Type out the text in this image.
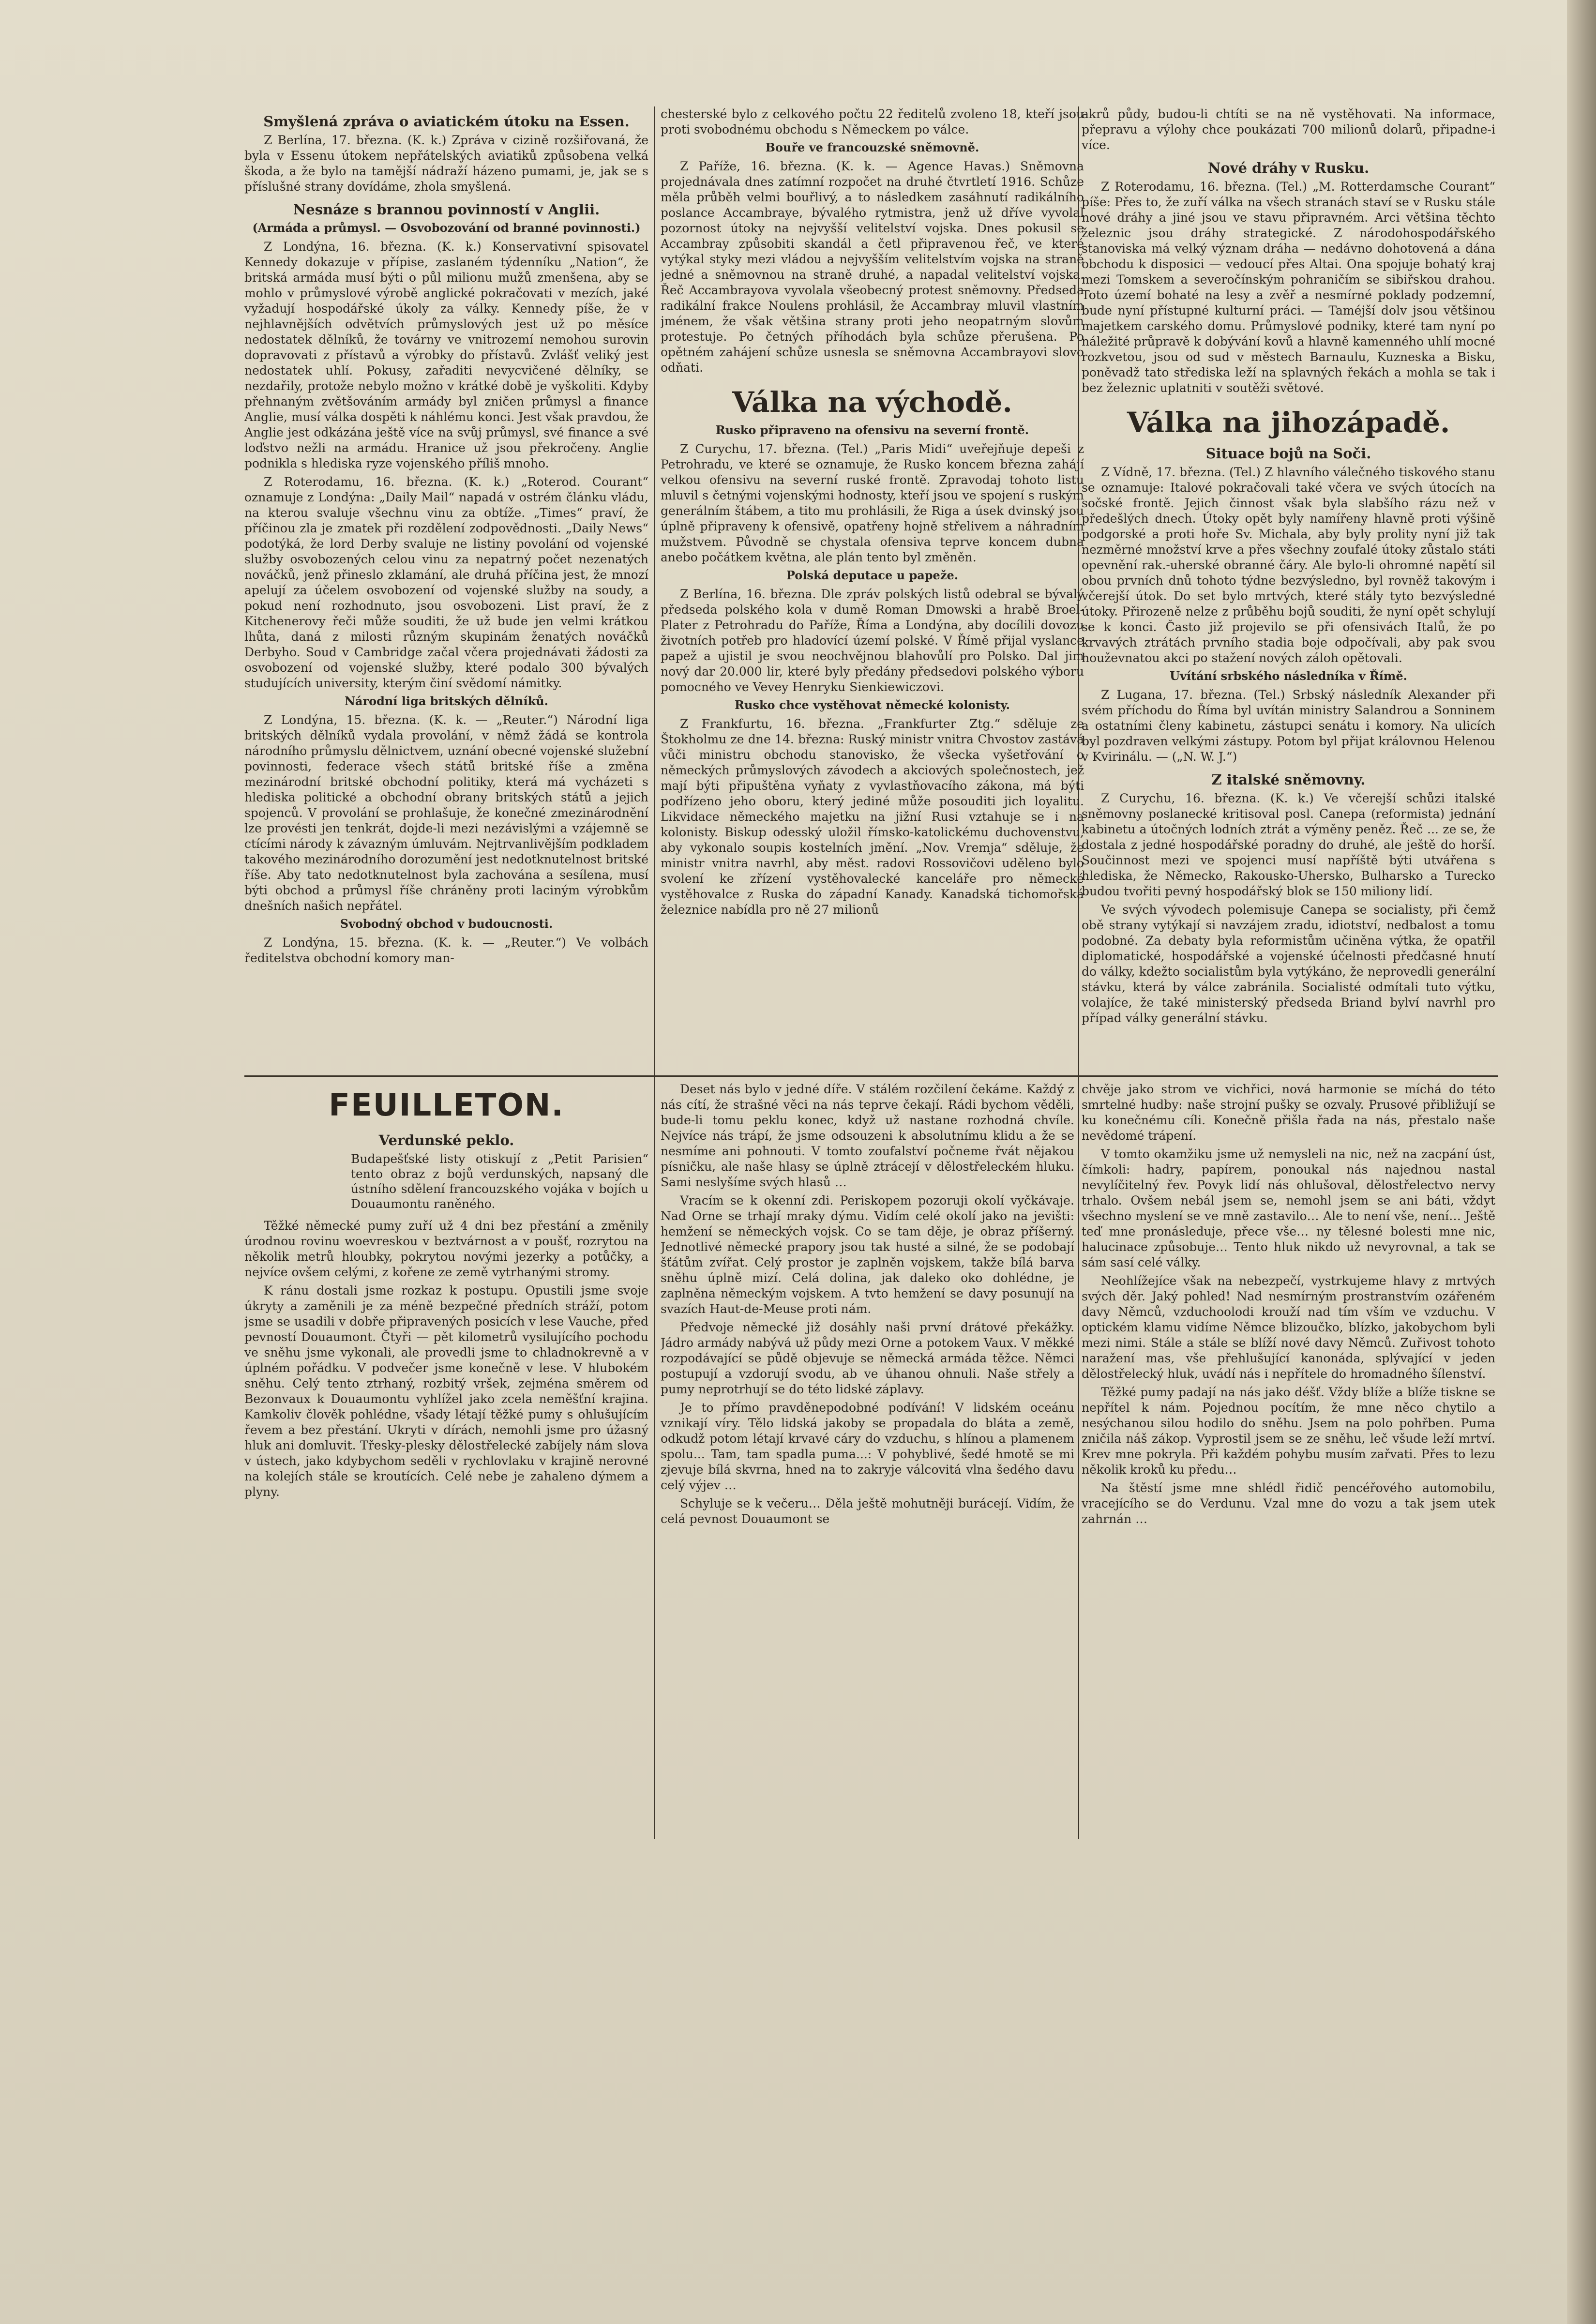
Smyšlená zpráva o aviatickém útoku na Essen.

Z Berlína, 17. března. (K. k.) Zpráva v cizině rozšiřovaná, že byla v Essenu útokem nepřátelských aviatiků způsobena velká škoda, a že bylo na tamější nádraží házeno pumami, je, jak se s příslušné strany dovídáme, zhola smyšlená.

Nesnáze s brannou povinností v Anglii.
(Armáda a průmysl. — Osvobozování od branné povinnosti.)

Z Londýna, 16. března. (K. k.) Konservativní spisovatel Kennedy dokazuje v přípise, zaslaném týdenníku „Nation“, že britská armáda musí býti o půl milionu mužů zmenšena, aby se mohlo v průmyslové výrobě anglické pokračovati v mezích, jaké vyžadují hospodářské úkoly za války. Kennedy píše, že v nejhlavnějších odvětvích průmyslových jest už po měsíce nedostatek dělníků, že továrny ve vnitrozemí nemohou surovin dopravovati z přístavů a výrobky do přístavů. Zvlášť veliký jest nedostatek uhlí. Pokusy, zařaditi nevycvičené dělníky, se nezdařily, protože nebylo možno v krátké době je vyškoliti. Kdyby přehnaným zvětšováním armády byl zničen průmysl a finance Anglie, musí válka dospěti k náhlému konci. Jest však pravdou, že Anglie jest odkázána ještě více na svůj průmysl, své finance a své loďstvo nežli na armádu. Hranice už jsou překročeny. Anglie podnikla s hlediska ryze vojenského příliš mnoho.

Z Roterodamu, 16. března. (K. k.) „Roterod. Courant“ oznamuje z Londýna: „Daily Mail“ napadá v ostrém článku vládu, na kterou svaluje všechnu vinu za obtíže. „Times“ praví, že příčinou zla je zmatek při rozdělení zodpovědnosti. „Daily News“ podotýká, že lord Derby svaluje ne listiny povolání od vojenské služby osvobozených celou vinu za nepatrný počet nezenatých nováčků, jenž přineslo zklamání, ale druhá příčina jest, že mnozí apelují za účelem osvobození od vojenské služby na soudy, a pokud není rozhodnuto, jsou osvobozeni. List praví, že z Kitchenerovy řeči může souditi, že už bude jen velmi krátkou lhůta, daná z milosti různým skupinám ženatých nováčků Derbyho. Soud v Cambridge začal včera projednávati žádosti za osvobození od vojenské služby, které podalo 300 bývalých studujících university, kterým činí svědomí námitky.

Národní liga britských dělníků.

Z Londýna, 15. března. (K. k. — „Reuter.“) Národní liga britských dělníků vydala provolání, v němž žádá se kontrola národního průmyslu dělnictvem, uznání obecné vojenské služební povinnosti, federace všech států britské říše a změna mezinárodní britské obchodní politiky, která má vycházeti s hlediska politické a obchodní obrany britských států a jejich spojenců. V provolání se prohlašuje, že konečné zmezinárodnění lze provésti jen tenkrát, dojde-li mezi nezávislými a vzájemně se ctícími národy k závazným úmluvám. Nejtrvanlivějším podkladem takového mezinárodního dorozumění jest nedotknutelnost britské říše. Aby tato nedotknutelnost byla zachována a sesílena, musí býti obchod a průmysl říše chráněny proti laciným výrobkům dnešních našich nepřátel.

Svobodný obchod v budoucnosti.

Z Londýna, 15. března. (K. k. — „Reuter.“) Ve volbách ředitelstva obchodní komory man-

chesterské bylo z celkového počtu 22 ředitelů zvoleno 18, kteří jsou proti svobodnému obchodu s Německem po válce.

Bouře ve francouzské sněmovně.

Z Paříže, 16. března. (K. k. — Agence Havas.) Sněmovna projednávala dnes zatímní rozpočet na druhé čtvrtletí 1916. Schůze měla průběh velmi bouřlivý, a to následkem zasáhnutí radikálního poslance Accambraye, bývalého rytmistra, jenž už dříve vyvolal pozornost útoky na nejvyšší velitelství vojska. Dnes pokusil se Accambray způsobiti skandál a četl připravenou řeč, ve které vytýkal styky mezi vládou a nejvyšším velitelstvím vojska na straně jedné a sněmovnou na straně druhé, a napadal velitelství vojska. Řeč Accambrayova vyvolala všeobecný protest sněmovny. Předseda radikální frakce Noulens prohlásil, že Accambray mluvil vlastním jménem, že však většina strany proti jeho neopatrným slovům protestuje. Po četných příhodách byla schůze přerušena. Po opětném zahájení schůze usnesla se sněmovna Accambrayovi slovo odňati.

Válka na východě.
Rusko připraveno na ofensivu na severní frontě.

Z Curychu, 17. března. (Tel.) „Paris Midi“ uveřejňuje depeši z Petrohradu, ve které se oznamuje, že Rusko koncem března zahájí velkou ofensivu na severní ruské frontě. Zpravodaj tohoto listu mluvil s četnými vojenskými hodnosty, kteří jsou ve spojení s ruským generálním štábem, a tito mu prohlásili, že Riga a úsek dvinský jsou úplně připraveny k ofensivě, opatřeny hojně střelivem a náhradním mužstvem. Původně se chystala ofensiva teprve koncem dubna anebo počátkem května, ale plán tento byl změněn.

Polská deputace u papeže.

Z Berlína, 16. března. Dle zpráv polských listů odebral se bývalý předseda polského kola v dumě Roman Dmowski a hrabě Broel-Plater z Petrohradu do Paříže, Říma a Londýna, aby docílili dovozu životních potřeb pro hladovící území polské. V Římě přijal vyslance papež a ujistil je svou neochvějnou blahovůlí pro Polsko. Dal jim nový dar 20.000 lir, které byly předány předsedovi polského výboru pomocného ve Vevey Henryku Sienkiewiczovi.

Rusko chce vystěhovat německé kolonisty.

Z Frankfurtu, 16. března. „Frankfurter Ztg.“ sděluje ze Štokholmu ze dne 14. března: Ruský ministr vnitra Chvostov zastává vůči ministru obchodu stanovisko, že všecka vyšetřování o německých průmyslových závodech a akciových společnostech, jež mají býti připuštěna vyňaty z vyvlastňovacího zákona, má býti podřízeno jeho oboru, který jediné může posouditi jich loyalitu. Likvidace německého majetku na jižní Rusi vztahuje se i na kolonisty. Biskup odesský uložil římsko-katolickému duchovenstvu, aby vykonalo soupis kostelních jmění. „Nov. Vremja“ sděluje, že ministr vnitra navrhl, aby měst. radovi Rossovičovi uděleno bylo svolení ke zřízení vystěhovalecké kanceláře pro německé vystěhovalce z Ruska do západní Kanady. Kanadská tichomořská železnice nabídla pro ně 27 milionů

akrů půdy, budou-li chtíti se na ně vystěhovati. Na informace, přepravu a výlohy chce poukázati 700 milionů dolarů, připadne-i více.

Nové dráhy v Rusku.

Z Roterodamu, 16. března. (Tel.) „M. Rotterdamsche Courant“ píše: Přes to, že zuří válka na všech stranách staví se v Rusku stále nové dráhy a jiné jsou ve stavu připravném. Arci většina těchto železnic jsou dráhy strategické. Z národohospodářského stanoviska má velký význam dráha — nedávno dohotovená a dána obchodu k disposici — vedoucí přes Altai. Ona spojuje bohatý kraj mezi Tomskem a severočínským pohraničím se sibiřskou drahou. Toto území bohaté na lesy a zvěř a nesmírné poklady podzemní, bude nyní přístupné kulturní práci. — Taméjší dolv jsou většinou majetkem carského domu. Průmyslové podniky, které tam nyní po náležité průpravě k dobývání kovů a hlavně kamenného uhlí mocné rozkvetou, jsou od sud v městech Barnaulu, Kuzneska a Bisku, poněvadž tato střediska leží na splavných řekách a mohla se tak i bez železnic uplatniti v soutěži světové.

Válka na jihozápadě.
Situace bojů na Soči.

Z Vídně, 17. března. (Tel.) Z hlavního válečného tiskového stanu se oznamuje: Italové pokračovali také včera ve svých útocích na sočské frontě. Jejich činnost však byla slabšího rázu než v předešlých dnech. Útoky opět byly namířeny hlavně proti výšině podgorské a proti hoře Sv. Michala, aby byly prolity nyní již tak nezměrné množství krve a přes všechny zoufalé útoky zůstalo státi opevnění rak.-uherské obranné čáry. Ale bylo-li ohromné napětí sil obou prvních dnů tohoto týdne bezvýsledno, byl rovněž takovým i včerejší útok. Do set bylo mrtvých, které stály tyto bezvýsledné útoky. Přirozeně nelze z průběhu bojů souditi, že nyní opět schylují se k konci. Často již projevilo se při ofensivách Italů, že po krvavých ztrátách prvního stadia boje odpočívali, aby pak svou houževnatou akci po stažení nových záloh opětovali.

Uvítání srbského následníka v Římě.

Z Lugana, 17. března. (Tel.) Srbský následník Alexander při svém příchodu do Říma byl uvítán ministry Salandrou a Sonninem a ostatními členy kabinetu, zástupci senátu i komory. Na ulicích byl pozdraven velkými zástupy. Potom byl přijat královnou Helenou v Kvirinálu. — („N. W. J.“)

Z italské sněmovny.

Z Curychu, 16. března. (K. k.) Ve včerejší schůzi italské sněmovny poslanecké kritisoval posl. Canepa (reformista) jednání kabinetu a útočných lodních ztrát a výměny peněz. Řeč ... ze se, že dostala z jedné hospodářské poradny do druhé, ale ještě do horší. Součinnost mezi ve spojenci musí napříště býti utvářena s hlediska, že Německo, Rakousko-Uhersko, Bulharsko a Turecko budou tvořiti pevný hospodářský blok se 150 miliony lidí.

Ve svých vývodech polemisuje Canepa se socialisty, při čemž obě strany vytýkají si navzájem zradu, idiotství, nedbalost a tomu podobné. Za debaty byla reformistům učiněna výtka, že opatřil diplomatické, hospodářské a vojenské účelnosti předčasné hnutí do války, kdežto socialistům byla vytýkáno, že neprovedli generální stávku, která by válce zabránila. Socialisté odmítali tuto výtku, volajíce, že také ministerský předseda Briand bylví navrhl pro případ války generální stávku.

FEUILLETON.
Verdunské peklo.
Budapešťské listy otiskují z „Petit Parisien“ tento obraz z bojů verdunských, napsaný dle ústního sdělení francouzského vojáka v bojích u Douaumontu raněného.

Těžké německé pumy zuří už 4 dni bez přestání a změnily úrodnou rovinu woevreskou v beztvárnost a v poušť, rozrytou na několik metrů hloubky, pokrytou novými jezerky a potůčky, a nejvíce ovšem celými, z kořene ze země vytrhanými stromy.

K ránu dostali jsme rozkaz k postupu. Opustili jsme svoje úkryty a zaměnili je za méně bezpečné předních stráží, potom jsme se usadili v dobře připravených posicích v lese Vauche, před pevností Douaumont. Čtyři — pět kilometrů vysilujícího pochodu ve sněhu jsme vykonali, ale provedli jsme to chladnokrevně a v úplném pořádku. V podvečer jsme konečně v lese. V hlubokém sněhu. Celý tento ztrhaný, rozbitý vršek, zejména směrem od Bezonvaux k Douaumontu vyhlížel jako zcela neměšťní krajina. Kamkoliv člověk pohlédne, všady létají těžké pumy s ohlušujícím řevem a bez přestání. Ukryti v dírách, nemohli jsme pro úžasný hluk ani domluvit. Třesky-plesky dělostřelecké zabíjely nám slova v ústech, jako kdybychom seděli v rychlovlaku v krajině nerovné na kolejích stále se kroutících. Celé nebe je zahaleno dýmem a plyny.

Deset nás bylo v jedné díře. V stálém rozčilení čekáme. Každý z nás cítí, že strašné věci na nás teprve čekají. Rádi bychom věděli, bude-li tomu peklu konec, když už nastane rozhodná chvíle. Nejvíce nás trápí, že jsme odsouzeni k absolutnímu klidu a že se nesmíme ani pohnouti. V tomto zoufalství počneme řvát nějakou písničku, ale naše hlasy se úplně ztrácejí v dělostřeleckém hluku. Sami neslyšíme svých hlasů …

Vracím se k okenní zdi. Periskopem pozoruji okolí vyčkávaje. Nad Orne se trhají mraky dýmu. Vidím celé okolí jako na jevišti: hemžení se německých vojsk. Co se tam děje, je obraz příšerný. Jednotlivé německé prapory jsou tak husté a silné, že se podobají šťátům zvířat. Celý prostor je zaplněn vojskem, takže bílá barva sněhu úplně mizí. Celá dolina, jak daleko oko dohlédne, je zaplněna německým vojskem. A tvto hemžení se davy posunují na svazích Haut-de-Meuse proti nám.

Předvoje německé již dosáhly naši první drátové překážky. Jádro armády nabývá už půdy mezi Orne a potokem Vaux. V měkké rozpodávající se půdě objevuje se německá armáda těžce. Němci postupují a vzdorují svodu, ab ve úhanou ohnuli. Naše střely a pumy neprotrhují se do této lidské záplavy.

Je to přímo pravděnepodobné podívání! V lidském oceánu vznikají víry. Tělo lidská jakoby se propadala do blátа a země, odkudž potom létají krvavé cáry do vzduchu, s hlínou a plamenem spolu... Tam, tam spadla puma...: V pohyblivé, šedé hmotě se mi zjevuje bílá skvrna, hned na to zakryje válcovitá vlna šedého davu celý výjev …

Schyluje se k večeru… Děla ještě mohutněji burácejí. Vidím, že celá pevnost Douaumont se

chvěje jako strom ve vichřici, nová harmonie se míchá do této smrtelné hudby: naše strojní pušky se ozvaly. Prusové přibližují se ku konečnému cíli. Konečně přišla řada na nás, přestalo naše nevědomé trápení.

V tomto okamžiku jsme už nemysleli na nic, než na zacpání úst, čímkoli: hadry, papírem, ponoukal nás najednou nastal nevylíčitelný řev. Povyk lidí nás ohlušoval, dělostřelectvo nervy trhalo. Ovšem nebál jsem se, nemohl jsem se ani báti, vždyt všechno myslení se ve mně zastavilo… Ale to není vše, není… Ještě teď mne pronásleduje, přece vše… ny tělesné bolesti mne nic, halucinace způsobuje… Tento hluk nikdo už nevyrovnal, a tak se sám sasí celé války.

Neohlížejíce však na nebezpečí, vystrkujeme hlavy z mrtvých svých děr. Jaký pohled! Nad nesmírným prostranstvím ozářeném davy Němců, vzduchoolodi krouží nad tím vším ve vzduchu. V optickém klamu vidíme Němce blizoučko, blízko, jakobychom byli mezi nimi. Stále a stále se blíží nové davy Němců. Zuřivost tohoto naražení mas, vše přehlušující kanonáda, splývající v jeden dělostřelecký hluk, uvádí nás i nepřítele do hromadného šílenství.

Těžké pumy padají na nás jako déšť. Vždy blíže a blíže tiskne se nepřítel k nám. Pojednou pocítím, že mne něco chytilo a nesýchanou silou hodilo do sněhu. Jsem na polo pohřben. Puma zničila náš zákop. Vyprostil jsem se ze sněhu, leč všude leží mrtví. Krev mne pokryla. Při každém pohybu musím zařvati. Přes to lezu několik kroků ku předu…

Na štěstí jsme mne shlédl řidič pencéřového automobilu, vracejícího se do Verdunu. Vzal mne do vozu a tak jsem utek zahrnán …
